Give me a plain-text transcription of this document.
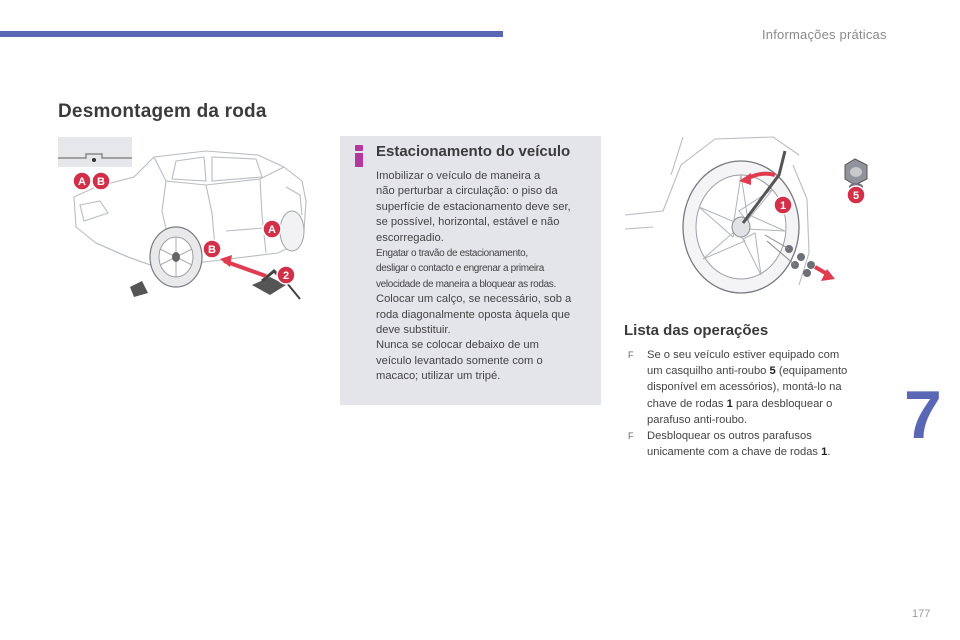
Informações práticas
Desmontagem da roda
A B
A
B
2
Estacionamento do veículo
Imobilizar o veículo de maneira a
não perturbar a circulação: o piso da
superfície de estacionamento deve ser,
se possível, horizontal, estável e não
escorregadio.
Engatar o travão de estacionamento,
desligar o contacto e engrenar a primeira
velocidade de maneira a bloquear as rodas.
Colocar um calço, se necessário, sob a
roda diagonalmente oposta àquela que
deve substituir.
Nunca se colocar debaixo de um
veículo levantado somente com o
macaco; utilizar um tripé.
1
5
Lista das operações
F Se o seu veículo estiver equipado com
um casquilho anti-roubo 5 (equipamento
disponível em acessórios), montá-lo na
chave de rodas 1 para desbloquear o
parafuso anti-roubo.
F Desbloquear os outros parafusos
unicamente com a chave de rodas 1.	7
177
